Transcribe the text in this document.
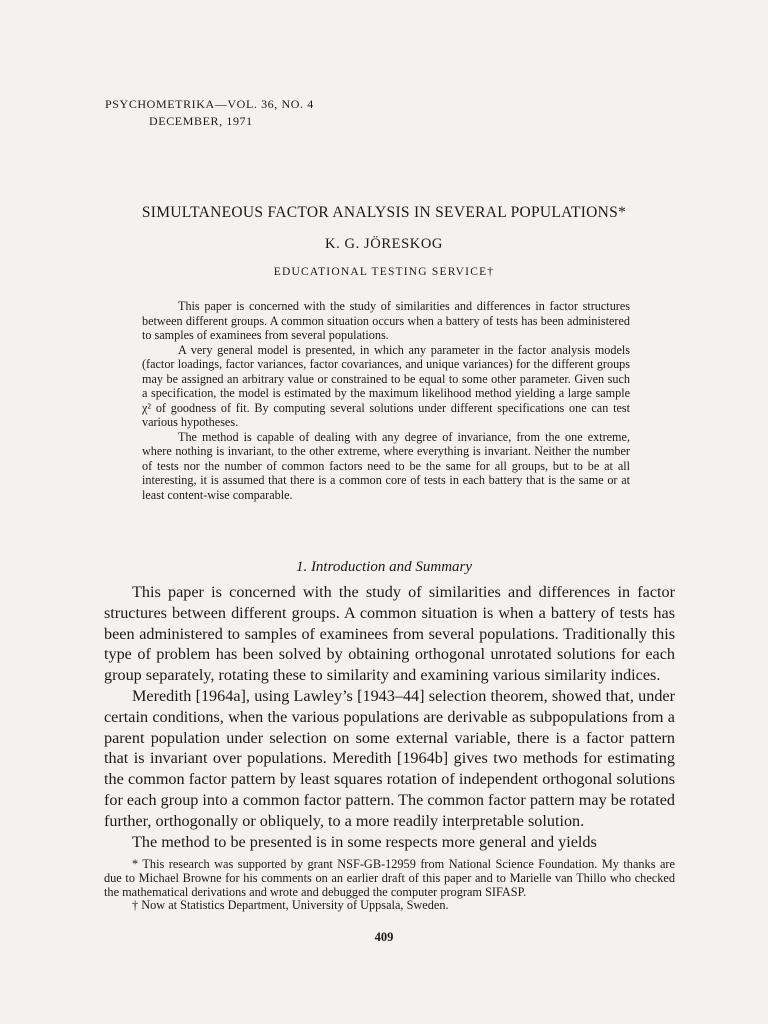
PSYCHOMETRIKA—VOL. 36, NO. 4
DECEMBER, 1971
SIMULTANEOUS FACTOR ANALYSIS IN SEVERAL POPULATIONS*
K. G. JÖRESKOG
EDUCATIONAL TESTING SERVICE†

This paper is concerned with the study of similarities and differences in factor structures between different groups. A common situation occurs when a battery of tests has been administered to samples of examinees from several populations.

A very general model is presented, in which any parameter in the factor analysis models (factor loadings, factor variances, factor covariances, and unique variances) for the different groups may be assigned an arbitrary value or constrained to be equal to some other parameter. Given such a specification, the model is estimated by the maximum likelihood method yielding a large sample χ² of goodness of fit. By computing several solutions under different specifications one can test various hypotheses.

The method is capable of dealing with any degree of invariance, from the one extreme, where nothing is invariant, to the other extreme, where everything is invariant. Neither the number of tests nor the number of common factors need to be the same for all groups, but to be at all interesting, it is assumed that there is a common core of tests in each battery that is the same or at least content-wise comparable.

1. Introduction and Summary

This paper is concerned with the study of similarities and differences in factor structures between different groups. A common situation is when a battery of tests has been administered to samples of examinees from several populations. Traditionally this type of problem has been solved by obtaining orthogonal unrotated solutions for each group separately, rotating these to similarity and examining various similarity indices.

Meredith [1964a], using Lawley’s [1943–44] selection theorem, showed that, under certain conditions, when the various populations are derivable as subpopulations from a parent population under selection on some external variable, there is a factor pattern that is invariant over populations. Meredith [1964b] gives two methods for estimating the common factor pattern by least squares rotation of independent orthogonal solutions for each group into a common factor pattern. The common factor pattern may be rotated further, orthogonally or obliquely, to a more readily interpretable solution.

The method to be presented is in some respects more general and yields

* This research was supported by grant NSF-GB-12959 from National Science Foundation. My thanks are due to Michael Browne for his comments on an earlier draft of this paper and to Marielle van Thillo who checked the mathematical derivations and wrote and debugged the computer program SIFASP.

† Now at Statistics Department, University of Uppsala, Sweden.

409
